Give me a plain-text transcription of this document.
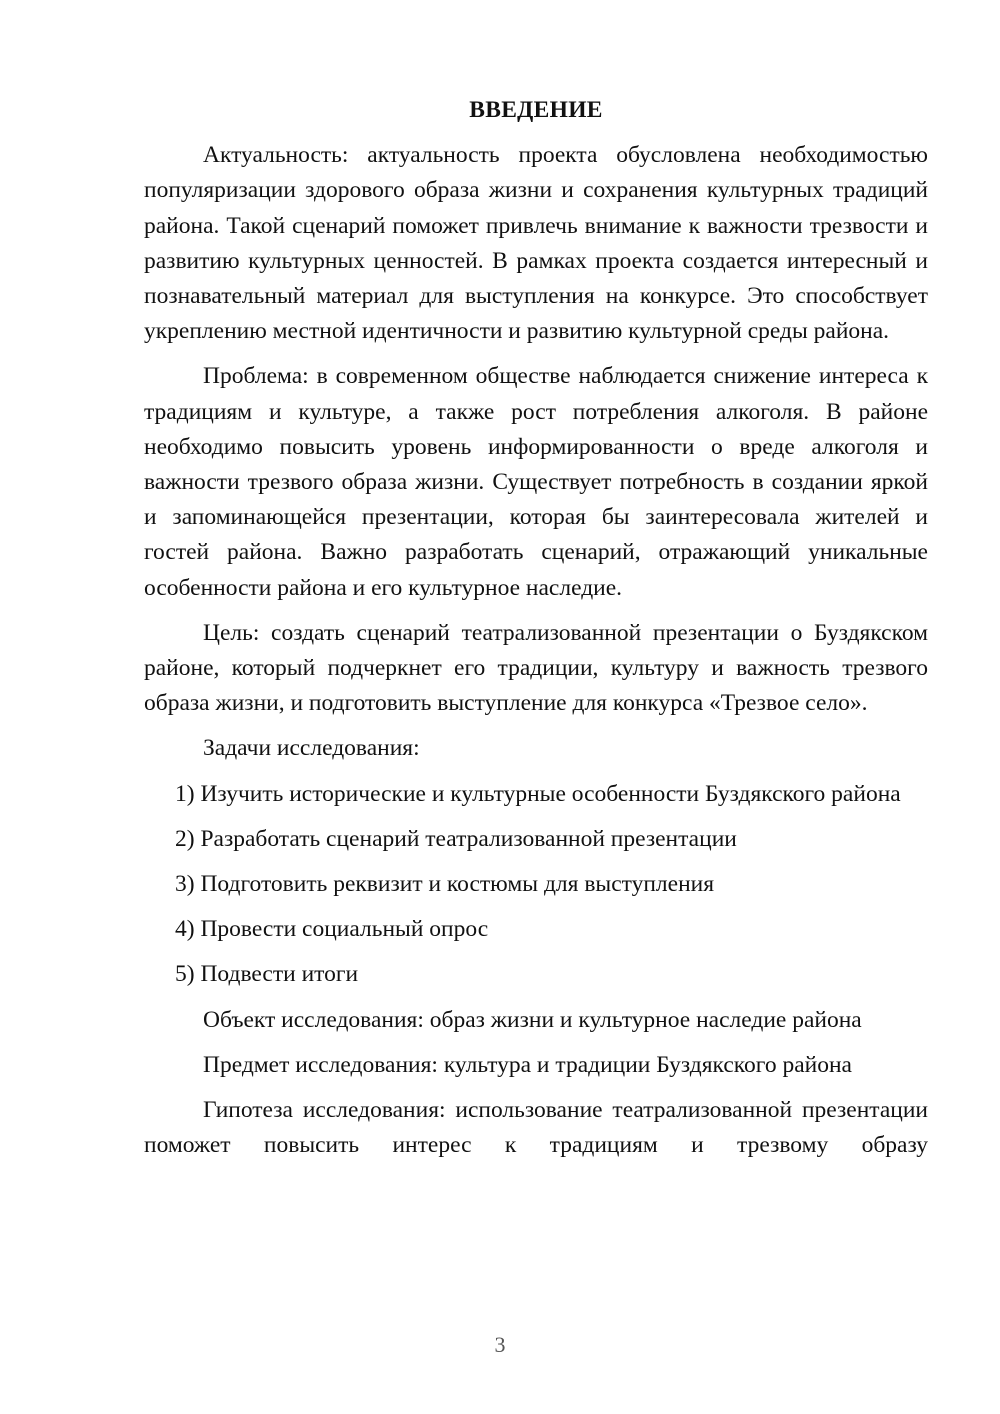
ВВЕДЕНИЕ

Актуальность: актуальность проекта обусловлена необходимостью популяризации здорового образа жизни и сохранения культурных традиций района. Такой сценарий поможет привлечь внимание к важности трезвости и развитию культурных ценностей. В рамках проекта создается интересный и познавательный материал для выступления на конкурсе. Это способствует укреплению местной идентичности и развитию культурной среды района.

Проблема: в современном обществе наблюдается снижение интереса к традициям и культуре, а также рост потребления алкоголя. В районе необходимо повысить уровень информированности о вреде алкоголя и важности трезвого образа жизни. Существует потребность в создании яркой и запоминающейся презентации, которая бы заинтересовала жителей и гостей района. Важно разработать сценарий, отражающий уникальные особенности района и его культурное наследие.

Цель: создать сценарий театрализованной презентации о Буздякском районе, который подчеркнет его традиции, культуру и важность трезвого образа жизни, и подготовить выступление для конкурса «Трезвое село».

Задачи исследования:

1) Изучить исторические и культурные особенности Буздякского района

2) Разработать сценарий театрализованной презентации

3) Подготовить реквизит и костюмы для выступления

4) Провести социальный опрос

5) Подвести итоги

Объект исследования: образ жизни и культурное наследие района

Предмет исследования: культура и традиции Буздякского района

Гипотеза исследования: использование театрализованной презентации поможет повысить интерес к традициям и трезвому образу

3
